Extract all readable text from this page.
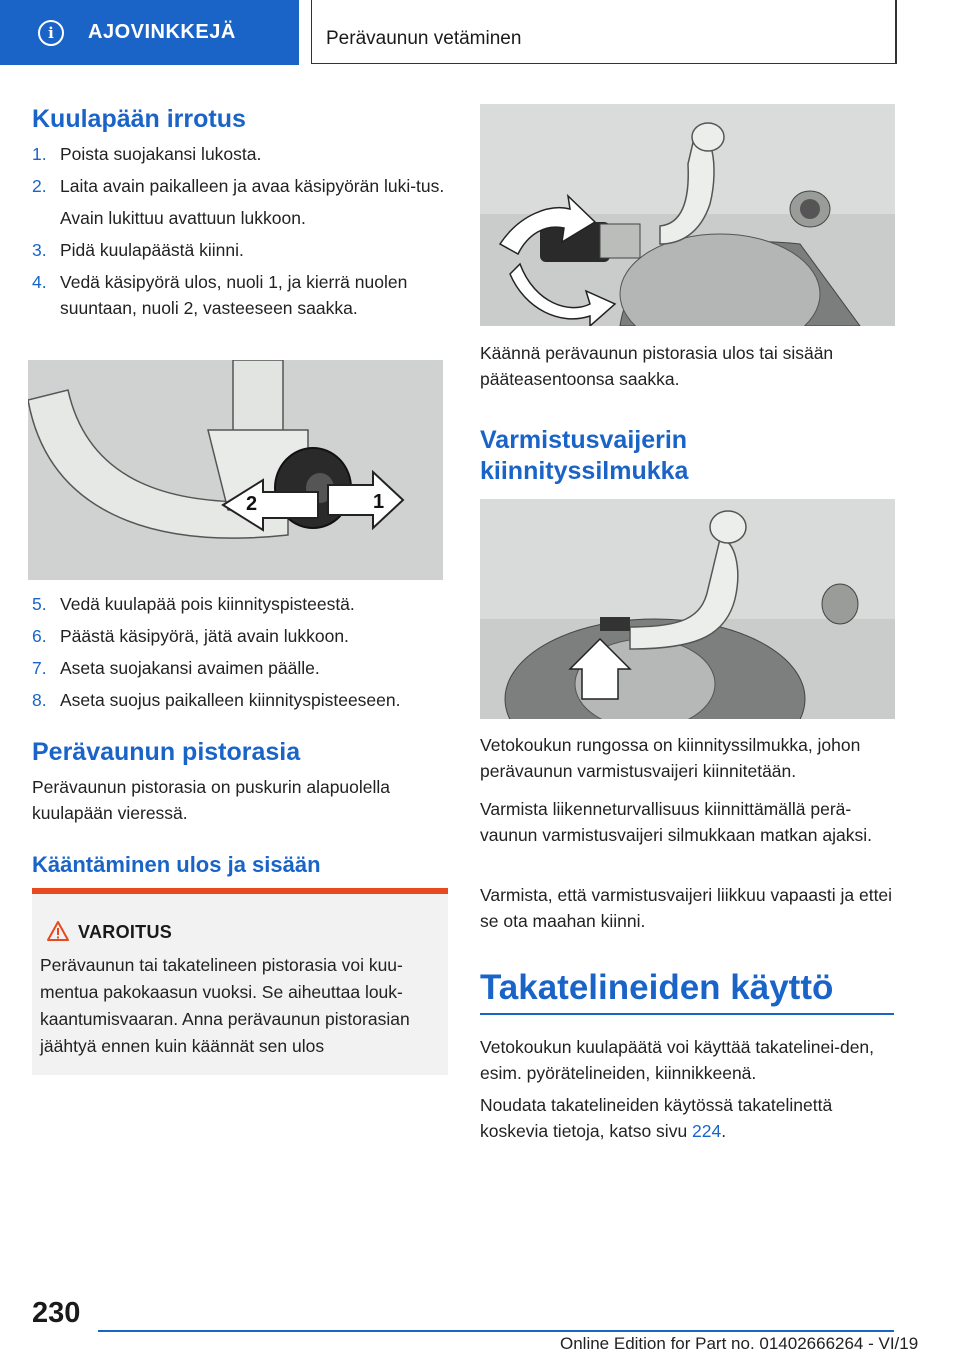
i	AJOVINKKEJÄ	Perävaunun vetäminen
Kuulapään irrotus
1. Poista suojakansi lukosta.
2. Laita avain paikalleen ja avaa käsipyörän luki-tus.
Avain lukittuu avattuun lukkoon.
3. Pidä kuulapäästä kiinni.
4. Vedä käsipyörä ulos, nuoli 1, ja kierrä nuolen suuntaan, nuoli 2, vasteeseen saakka.
2	1
5. Vedä kuulapää pois kiinnityspisteestä.
6. Päästä käsipyörä, jätä avain lukkoon.
7. Aseta suojakansi avaimen päälle.
8. Aseta suojus paikalleen kiinnityspisteeseen.
Perävaunun pistorasia

Perävaunun pistorasia on puskurin alapuolella kuulapään vieressä.

Kääntäminen ulos ja sisään
VAROITUS
Perävaunun tai takatelineen pistorasia voi kuu-mentua pakokaasun vuoksi. Se aiheuttaa louk-kaantumisvaaran. Anna perävaunun pistorasian jäähtyä ennen kuin käännät sen ulos

Käännä perävaunun pistorasia ulos tai sisään pääteasentoonsa saakka.

Varmistusvaijerin kiinnityssilmukka

Vetokoukun rungossa on kiinnityssilmukka, johon perävaunun varmistusvaijeri kiinnitetään.

Varmista liikenneturvallisuus kiinnittämällä perä-vaunun varmistusvaijeri silmukkaan matkan ajaksi.

Varmista, että varmistusvaijeri liikkuu vapaasti ja ettei se ota maahan kiinni.

Takatelineiden käyttö

Vetokoukun kuulapäätä voi käyttää takatelinei-den, esim. pyörätelineiden, kiinnikkeenä.

Noudata takatelineiden käytössä takatelinettä koskevia tietoja, katso sivu 224.

230
Online Edition for Part no. 01402666264 - VI/19
